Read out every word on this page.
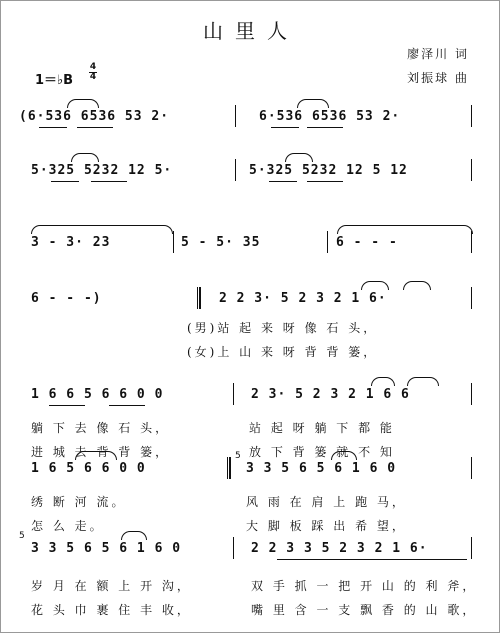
山里人
廖泽川 词
刘振球 曲
1＝♭B
4
4
(6·536 6536 53 2·	6·536 6536 53 2·
5·325 5232 12 5·	5·325 5232 12 5 12
3 - 3· 23	5 - 5· 35	6 - - -
6 - - -)	2 2 3· 5 2 3 2 1 6·
1 6 6 5 6 6 0 0	2 3· 5 2 3 2 1 6 6
1 6 5 6 6 0 0	3 3 5 6 5 6 1 6 0
5
3 3 5 6 5 6 1 6 0	2 2 3 3 5 2 3 2 1 6·
5
(男)站 起 来 呀 像 石 头，
(女)上 山 来 呀 背 背 篓，
躺 下 去 像 石 头，	站 起 呀 躺 下 都 能
进 城 去 背 背 篓，	放 下 背 篓 就 不 知
绣 断 河 流。	风 雨 在 肩 上 跑 马，
怎 么 走。	大 脚 板 踩 出 希 望，
岁 月 在 额 上 开 沟，	双 手 抓 一 把 开 山 的 利 斧，
花 头 巾 裹 住 丰 收，	嘴 里 含 一 支 飘 香 的 山 歌，
